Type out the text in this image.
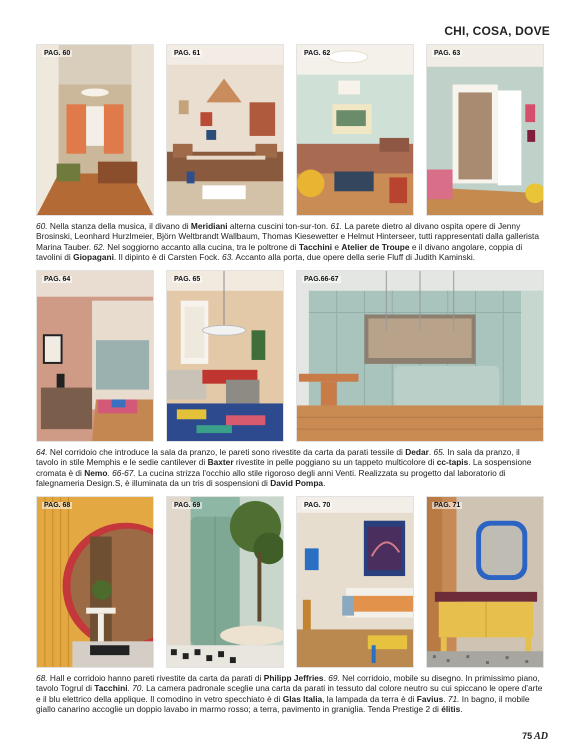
CHI, COSA, DOVE
PAG. 60	PAG. 61	PAG. 62	PAG. 63
60. Nella stanza della musica, il divano di Meridiani alterna cuscini ton-sur-ton. 61. La parete dietro al divano ospita opere di Jenny Brosinski, Leonhard Hurzlmeier, Björn Weltbrandt Wallbaum, Thomas Kiesewetter e Helmut Hinterseer, tutti rappresentati dalla gallerista Marina Tauber. 62. Nel soggiorno accanto alla cucina, tra le poltrone di Tacchini e Atelier de Troupe e il divano angolare, coppia di tavolini di Giopagani. Il dipinto è di Carsten Fock. 63. Accanto alla porta, due opere della serie Fluff di Judith Kaminski.
PAG. 64	PAG. 65	PAG.66-67
64. Nel corridoio che introduce la sala da pranzo, le pareti sono rivestite da carta da parati tessile di Dedar. 65. In sala da pranzo, il tavolo in stile Memphis e le sedie cantilever di Baxter rivestite in pelle poggiano su un tappeto multicolore di cc-tapis. La sospensione cromata è di Nemo. 66-67. La cucina strizza l'occhio allo stile rigoroso degli anni Venti. Realizzata su progetto dal laboratorio di falegnameria Design.S, è illuminata da un tris di sospensioni di David Pompa.
PAG. 68	PAG. 69	PAG. 70	PAG. 71
68. Hall e corridoio hanno pareti rivestite da carta da parati di Philipp Jeffries. 69. Nel corridoio, mobile su disegno. In primissimo piano, tavolo Togrul di Tacchini. 70. La camera padronale sceglie una carta da parati in tessuto dal colore neutro su cui spiccano le opere d'arte e il blu elettrico della applique. Il comodino in vetro specchiato è di Glas Italia, la lampada da terra è di Favius. 71. In bagno, il mobile giallo canarino accoglie un doppio lavabo in marmo rosso; a terra, pavimento in graniglia. Tenda Prestige 2 di élitis.
75 AD
